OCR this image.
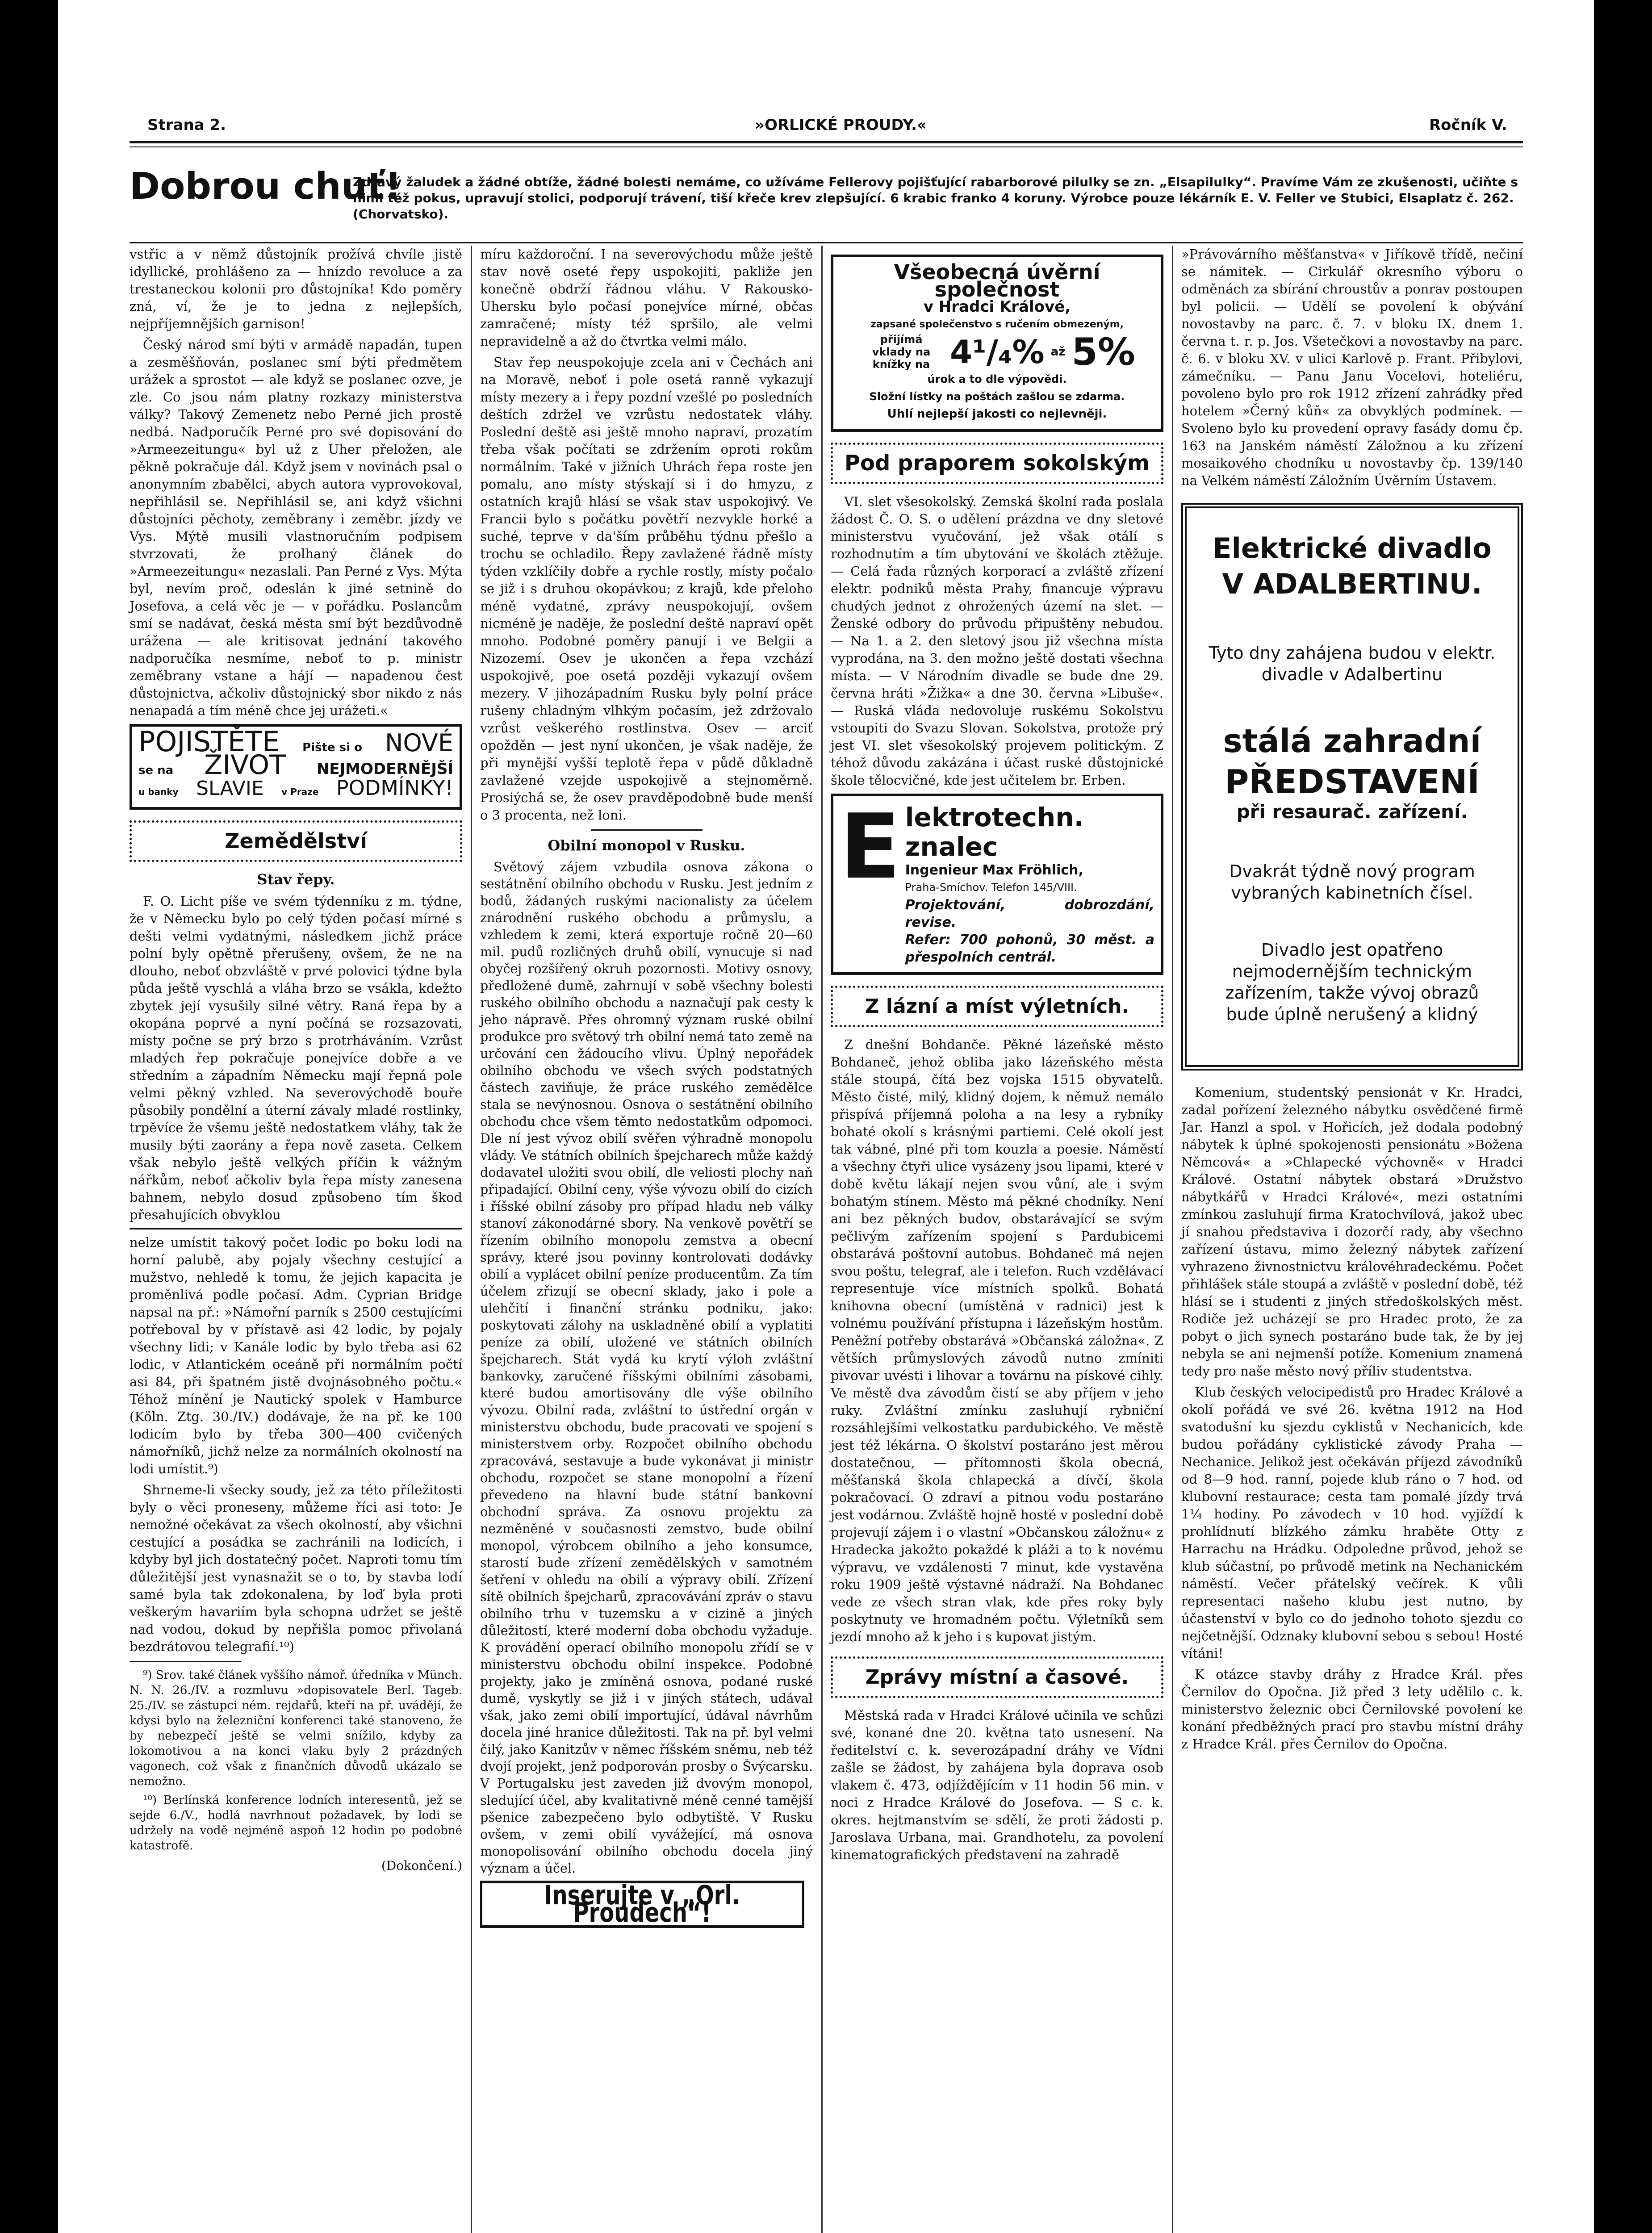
Strana 2.	»ORLICKÉ PROUDY.«	Ročník V.
Dobrou chuť!
Zdravý žaludek a žádné obtíže, žádné bolesti nemáme, co užíváme Fellerovy pojišťující rabarborové pilulky se zn. „Elsapilulky“. Pravíme Vám ze zkušenosti, učiňte s nimi též pokus, upravují stolici, podporují trávení, tiší křeče krev zlepšující. 6 krabic franko 4 koruny. Výrobce pouze lékárník E. V. Feller ve Stubici, Elsaplatz č. 262. (Chorvatsko).

vstřic a v němž důstojník prožívá chvíle jistě idyllické, prohlášeno za — hnízdo revoluce a za trestaneckou kolonii pro důstojníka! Kdo poměry zná, ví, že je to jedna z nejlepších, nejpříjemnějších garnison!

Český národ smí býti v armádě napadán, tupen a zesměšňován, poslanec smí býti předmětem urážek a sprostot — ale když se poslanec ozve, je zle. Co jsou nám platny rozkazy ministerstva války? Takový Zemenetz nebo Perné jich prostě nedbá. Nadporučík Perné pro své dopisování do »Armeezeitungu« byl už z Uher přeložen, ale pěkně pokračuje dál. Když jsem v novinách psal o anonymním zbabělci, abych autora vyprovokoval, nepřihlásil se. Nepřihlásil se, ani když všichni důstojníci pěchoty, zeměbrany i zeměbr. jízdy ve Vys. Mýtě musili vlastnoručním podpisem stvrzovati, že prolhaný článek do »Armeezeitungu« nezaslali. Pan Perné z Vys. Mýta byl, nevím proč, odeslán k jiné setnině do Josefova, a celá věc je — v pořádku. Poslancům smí se nadávat, česká města smí být bezdůvodně urážena — ale kritisovat jednání takového nadporučíka nesmíme, neboť to p. ministr zeměbrany vstane a hájí — napadenou čest důstojnictva, ačkoliv důstojnický sbor nikdo z nás nenapadá a tím méně chce jej urážeti.«

POJISTĚTE Pište si o NOVÉ
se na ŽIVOT NEJMODERNĚJŠÍ
u banky SLAVIE v Praze PODMÍNKY!
Zemědělství
Stav řepy.

F. O. Licht píše ve svém týdenníku z m. týdne, že v Německu bylo po celý týden počasí mírné s dešti velmi vydatnými, následkem jichž práce polní byly opětně přerušeny, ovšem, že ne na dlouho, neboť obzvláště v prvé polovici týdne byla půda ještě vyschlá a vláha brzo se vsákla, kdežto zbytek její vysušily silné větry. Raná řepa by a okopána poprvé a nyní počíná se rozsazovati, místy počne se prý brzo s protrháváním. Vzrůst mladých řep pokračuje ponejvíce dobře a ve středním a západním Německu mají řepná pole velmi pěkný vzhled. Na severovýchodě bouře působily pondělní a úterní závaly mladé rostlinky, trpěvíce že všemu ještě nedostatkem vláhy, tak že musily býti zaorány a řepa nově zaseta. Celkem však nebylo ještě velkých příčin k vážným nářkům, neboť ačkoliv byla řepa místy zanesena bahnem, nebylo dosud způsobeno tím škod přesahujících obvyklou

nelze umístit takový počet lodic po boku lodi na horní palubě, aby pojaly všechny cestující a mužstvo, nehledě k tomu, že jejich kapacita je proměnlivá podle počasí. Adm. Cyprian Bridge napsal na př.: »Námořní parník s 2500 cestujícími potřeboval by v přístavě asi 42 lodic, by pojaly všechny lidi; v Kanále lodic by bylo třeba asi 62 lodic, v Atlantickém oceáně při normálním počtí asi 84, při špatném jistě dvojnásobného počtu.« Téhož mínění je Nautický spolek v Hamburce (Köln. Ztg. 30./IV.) dodávaje, že na př. ke 100 lodicím bylo by třeba 300—400 cvičených námořníků, jichž nelze za normálních okolností na lodi umístit.⁹)

Shrneme-li všecky soudy, jež za této příležitosti byly o věci proneseny, můžeme říci asi toto: Je nemožné očekávat za všech okolností, aby všichni cestující a posádka se zachránili na lodicích, i kdyby byl jich dostatečný počet. Naproti tomu tím důležitější jest vynasnažit se o to, by stavba lodí samé byla tak zdokonalena, by loď byla proti veškerým havariím byla schopna udržet se ještě nad vodou, dokud by nepřišla pomoc přivolaná bezdrátovou telegrafií.¹⁰)

⁹) Srov. také článek vyššího námoř. úředníka v Münch. N. N. 26./IV. a rozmluvu »dopisovatele Berl. Tageb. 25./IV. se zástupci ném. rejdařů, kteří na př. uvádějí, že kdysi bylo na železniční konferenci také stanoveno, že by nebezpečí ještě se velmi snížilo, kdyby za lokomotivou a na konci vlaku byly 2 prázdných vagonech, což však z finančních důvodů ukázalo se nemožno.

¹⁰) Berlínská konference lodních interesentů, jež se sejde 6./V., hodlá navrhnout požadavek, by lodi se udržely na vodě nejméně aspoň 12 hodin po podobné katastrofě.

(Dokončení.)

míru každoroční. I na severovýchodu může ještě stav nově oseté řepy uspokojiti, pakliže jen konečně obdrží řádnou vláhu. V Rakousko-Uhersku bylo počasí ponejvíce mírné, občas zamračené; místy též spršilo, ale velmi nepravidelně a až do čtvrtka velmi málo.

Stav řep neuspokojuje zcela ani v Čechách ani na Moravě, neboť i pole osetá ranně vykazují místy mezery a i řepy pozdní vzešlé po posledních deštích zdržel ve vzrůstu nedostatek vláhy. Poslední deště asi ještě mnoho napraví, prozatím třeba však počítati se zdržením oproti rokům normálním. Také v jižních Uhrách řepa roste jen pomalu, ano místy stýskají si i do hmyzu, z ostatních krajů hlásí se však stav uspokojivý. Ve Francii bylo s počátku povětří nezvykle horké a suché, teprve v da'ším průběhu týdnu přešlo a trochu se ochladilo. Řepy zavlažené řádně místy týden vzklíčily dobře a rychle rostly, místy počalo se již i s druhou okopávkou; z krajů, kde přeloho méně vydatné, zprávy neuspokojují, ovšem nicméně je naděje, že poslední deště napraví opět mnoho. Podobné poměry panují i ve Belgii a Nizozemí. Osev je ukončen a řepa vzchází uspokojivě, poe osetá později vykazují ovšem mezery. V jihozápadním Rusku byly polní práce rušeny chladným vlhkým počasím, jež zdržovalo vzrůst veškerého rostlinstva. Osev — arciť opožděn — jest nyní ukončen, je však naděje, že při mynější vyšší teplotě řepa v půdě důkladně zavlažené vzejde uspokojivě a stejnoměrně. Prosiýchá se, že osev pravděpodobně bude menší o 3 procenta, než loni.

Obilní monopol v Rusku.

Světový zájem vzbudila osnova zákona o sestátnění obilního obchodu v Rusku. Jest jedním z bodů, žádaných ruskými nacionalisty za účelem znárodnění ruského obchodu a průmyslu, a vzhledem k zemi, která exportuje ročně 20—60 mil. pudů rozličných druhů obilí, vynucuje si nad obyčej rozšířený okruh pozornosti. Motivy osnovy, předložené dumě, zahrnují v sobě všechny bolesti ruského obilního obchodu a naznačují pak cesty k jeho nápravě. Přes ohromný význam ruské obilní produkce pro světový trh obilní nemá tato země na určování cen žádoucího vlivu. Úplný nepořádek obilního obchodu ve všech svých podstatných částech zaviňuje, že práce ruského zemědělce stala se nevýnosnou. Osnova o sestátnění obilního obchodu chce všem těmto nedostatkům odpomoci. Dle ní jest vývoz obilí svěřen výhradně monopolu vlády. Ve státních obilních špejcharech může každý dodavatel uložiti svou obilí, dle veliosti plochy naň připadající. Obilní ceny, výše vývozu obilí do cizích i říšské obilní zásoby pro případ hladu neb války stanoví zákonodárné sbory. Na venkově povětří se řízením obilního monopolu zemstva a obecní správy, které jsou povinny kontrolovati dodávky obilí a vyplácet obilní peníze producentům. Za tím účelem zřizují se obecní sklady, jako i pole a ulehčití i finanční stránku podniku, jako: poskytovati zálohy na uskladněné obilí a vyplatiti peníze za obilí, uložené ve státních obilních špejcharech. Stát vydá ku krytí výloh zvláštní bankovky, zaručené říšskými obilními zásobami, které budou amortisovány dle výše obilního vývozu. Obilní rada, zvláštní to ústřední orgán v ministerstvu obchodu, bude pracovati ve spojení s ministerstvem orby. Rozpočet obilního obchodu zpracovává, sestavuje a bude vykonávat ji ministr obchodu, rozpočet se stane monopolní a řízení převedeno na hlavní bude státní bankovní obchodní správa. Za osnovu projektu za nezměněné v současnosti zemstvo, bude obilní monopol, výrobcem obilního a jeho konsumce, starostí bude zřízení zemědělských v samotném šetření v ohledu na obilí a výpravy obilí. Zřízení sítě obilních špejcharů, zpracovávání zpráv o stavu obilního trhu v tuzemsku a v cizině a jiných důležitostí, které moderní doba obchodu vyžaduje. K provádění operací obilního monopolu zřídí se v ministerstvu obchodu obilní inspekce. Podobné projekty, jako je zmíněná osnova, podané ruské dumě, vyskytly se již i v jiných státech, udával však, jako zemi obilí importující, údával návrhům docela jiné hranice důležitosti. Tak na př. byl velmi čilý, jako Kanitzův v němec říšském sněmu, neb též dvojí projekt, jenž podporován prosby o Švýcarsku. V Portugalsku jest zaveden již dvovým monopol, sledující účel, aby kvalitativně méně cenné tamější pšenice zabezpečeno bylo odbytiště. V Rusku ovšem, v zemi obilí vyvážející, má osnova monopolisování obilního obchodu docela jiný význam a účel.

Inserujte v „Orl. Proudech“!
Všeobecná úvěrní společnost
v Hradci Králové,
zapsané společenstvo s ručením obmezeným,
přijímá vklady na knížky na 4¹/₄% až 5%
úrok a to dle výpovědi.
Složní lístky na poštách zašlou se zdarma.
Uhlí nejlepší jakosti co nejlevněji.
Pod praporem sokolským

VI. slet všesokolský. Zemská školní rada poslala žádost Č. O. S. o udělení prázdna ve dny sletové ministerstvu vyučování, jež však otálí s rozhodnutím a tím ubytování ve školách ztěžuje. — Celá řada různých korporací a zvláště zřízení elektr. podniků města Prahy, financuje výpravu chudých jednot z ohrožených území na slet. — Ženské odbory do průvodu připuštěny nebudou. — Na 1. a 2. den sletový jsou již všechna místa vyprodána, na 3. den možno ještě dostati všechna místa. — V Národním divadle se bude dne 29. června hráti »Žižka« a dne 30. června »Libuše«. — Ruská vláda nedovoluje ruskému Sokolstvu vstoupiti do Svazu Slovan. Sokolstva, protože prý jest VI. slet všesokolský projevem politickým. Z téhož důvodu zakázána i účast ruské důstojnické škole tělocvičné, kde jest učitelem br. Erben.

E lektrotechn. znalec
Ingenieur Max Fröhlich,
Praha-Smíchov. Telefon 145/VIII.
Projektování, dobrozdání, revise.
Refer: 700 pohonů, 30 měst. a přespolních centrál.
Z lázní a míst výletních.

Z dnešní Bohdanče. Pěkné lázeňské město Bohdaneč, jehož obliba jako lázeňského města stále stoupá, čítá bez vojska 1515 obyvatelů. Město čisté, milý, klidný dojem, k němuž nemálo přispívá příjemná poloha a na lesy a rybníky bohaté okolí s krásnými partiemi. Celé okolí jest tak vábné, plné při tom kouzla a poesie. Náměstí a všechny čtyři ulice vysázeny jsou lipami, které v době květu lákají nejen svou vůní, ale i svým bohatým stínem. Město má pěkné chodníky. Není ani bez pěkných budov, obstarávající se svým pečlivým zařízením spojení s Pardubicemi obstarává poštovní autobus. Bohdaneč má nejen svou poštu, telegraf, ale i telefon. Ruch vzdělávací representuje více místních spolků. Bohatá knihovna obecní (umístěná v radnici) jest k volnému používání přístupna i lázeňským hostům. Peněžní potřeby obstarává »Občanská záložna«. Z větších průmyslových závodů nutno zmíniti pivovar uvésti i lihovar a továrnu na pískové cihly. Ve městě dva závodům čistí se aby příjem v jeho ruky. Zvláštní zmínku zasluhují rybniční rozsáhlejšími velkostatku pardubického. Ve městě jest též lékárna. O školství postaráno jest měrou dostatečnou, — přítomnosti škola obecná, měšťanská škola chlapecká a dívčí, škola pokračovací. O zdraví a pitnou vodu postaráno jest vodárnou. Zvláště hojně hosté v poslední době projevují zájem i o vlastní »Občanskou záložnu« z Hradecka jakožto pokaždé k pláži a to k novému výpravu, ve vzdálenosti 7 minut, kde vystavěna roku 1909 ještě výstavné nádraží. Na Bohdanec vede ze všech stran vlak, kde přes roky byly poskytnuty ve hromadném počtu. Výletníků sem jezdí mnoho až k jeho i s kupovat jistým.

Zprávy místní a časové.

Městská rada v Hradci Králové učinila ve schůzi své, konané dne 20. května tato usnesení. Na ředitelství c. k. severozápadní dráhy ve Vídni zašle se žádost, by zahájena byla doprava osob vlakem č. 473, odjíždějícím v 11 hodin 56 min. v noci z Hradce Králové do Josefova. — S c. k. okres. hejtmanstvím se sdělí, že proti žádosti p. Jaroslava Urbana, mai. Grandhotelu, za povolení kinematografických představení na zahradě

»Právovárního měšťanstva« v Jiříkově třídě, nečiní se námitek. — Cirkulář okresního výboru o odměnách za sbírání chroustův a ponrav postoupen byl policii. — Udělí se povolení k obývání novostavby na parc. č. 7. v bloku IX. dnem 1. června t. r. p. Jos. Všetečkovi a novostavby na parc. č. 6. v bloku XV. v ulici Karlově p. Frant. Přibylovi, zámečníku. — Panu Janu Vocelovi, hoteliéru, povoleno bylo pro rok 1912 zřízení zahrádky před hotelem »Černý kůň« za obvyklých podmínek. — Svoleno bylo ku provedení opravy fasády domu čp. 163 na Janském náměstí Záložnou a ku zřízení mosaikového chodníku u novostavby čp. 139/140 na Velkém náměstí Záložním Úvěrním Ústavem.

Elektrické divadlo
V ADALBERTINU.
Tyto dny zahájena budou v elektr. divadle v Adalbertinu
stálá zahradní
PŘEDSTAVENÍ
při resaurač. zařízení.
Dvakrát týdně nový program vybraných kabinetních čísel.
Divadlo jest opatřeno nejmodernějším technickým zařízením, takže vývoj obrazů bude úplně nerušený a klidný

Komenium, studentský pensionát v Kr. Hradci, zadal pořízení železného nábytku osvědčené firmě Jar. Hanzl a spol. v Hořicích, jež dodala podobný nábytek k úplné spokojenosti pensionátu »Božena Němcová« a »Chlapecké výchovně« v Hradci Králové. Ostatní nábytek obstará »Družstvo nábytkářů v Hradci Králové«, mezi ostatními zmínkou zasluhují firma Kratochvílová, jakož ubec jí snahou představiva i dozorčí rady, aby všechno zařízení ústavu, mimo železný nábytek zařízení vyhrazeno živnostnictvu královéhradeckému. Počet přihlášek stále stoupá a zvláště v poslední době, též hlásí se i studenti z jiných středoškolských měst. Rodiče jež ucházejí se pro Hradec proto, že za pobyt o jich synech postaráno bude tak, že by jej nebyla se ani nejmenší potíže. Komenium znamená tedy pro naše město nový příliv studentstva.

Klub českých velocipedistů pro Hradec Králové a okolí pořádá ve své 26. května 1912 na Hod svatodušní ku sjezdu cyklistů v Nechanicích, kde budou pořádány cyklistické závody Praha — Nechanice. Jelikož jest očekáván příjezd závodníků od 8—9 hod. ranní, pojede klub ráno o 7 hod. od klubovní restaurace; cesta tam pomalé jízdy trvá 1¼ hodiny. Po závodech v 10 hod. vyjíždí k prohlídnutí blízkého zámku hraběte Otty z Harrachu na Hrádku. Odpoledne průvod, jehož se klub súčastní, po průvodě metink na Nechanickém náměstí. Večer přátelský večírek. K vůli representaci našeho klubu jest nutno, by účastenství v bylo co do jednoho tohoto sjezdu co nejčetnější. Odznaky klubovní sebou s sebou! Hosté vítáni!

K otázce stavby dráhy z Hradce Král. přes Černilov do Opočna. Již před 3 lety udělilo c. k. ministerstvo železnic obci Černilovské povolení ke konání předběžných prací pro stavbu místní dráhy z Hradce Král. přes Černilov do Opočna.
